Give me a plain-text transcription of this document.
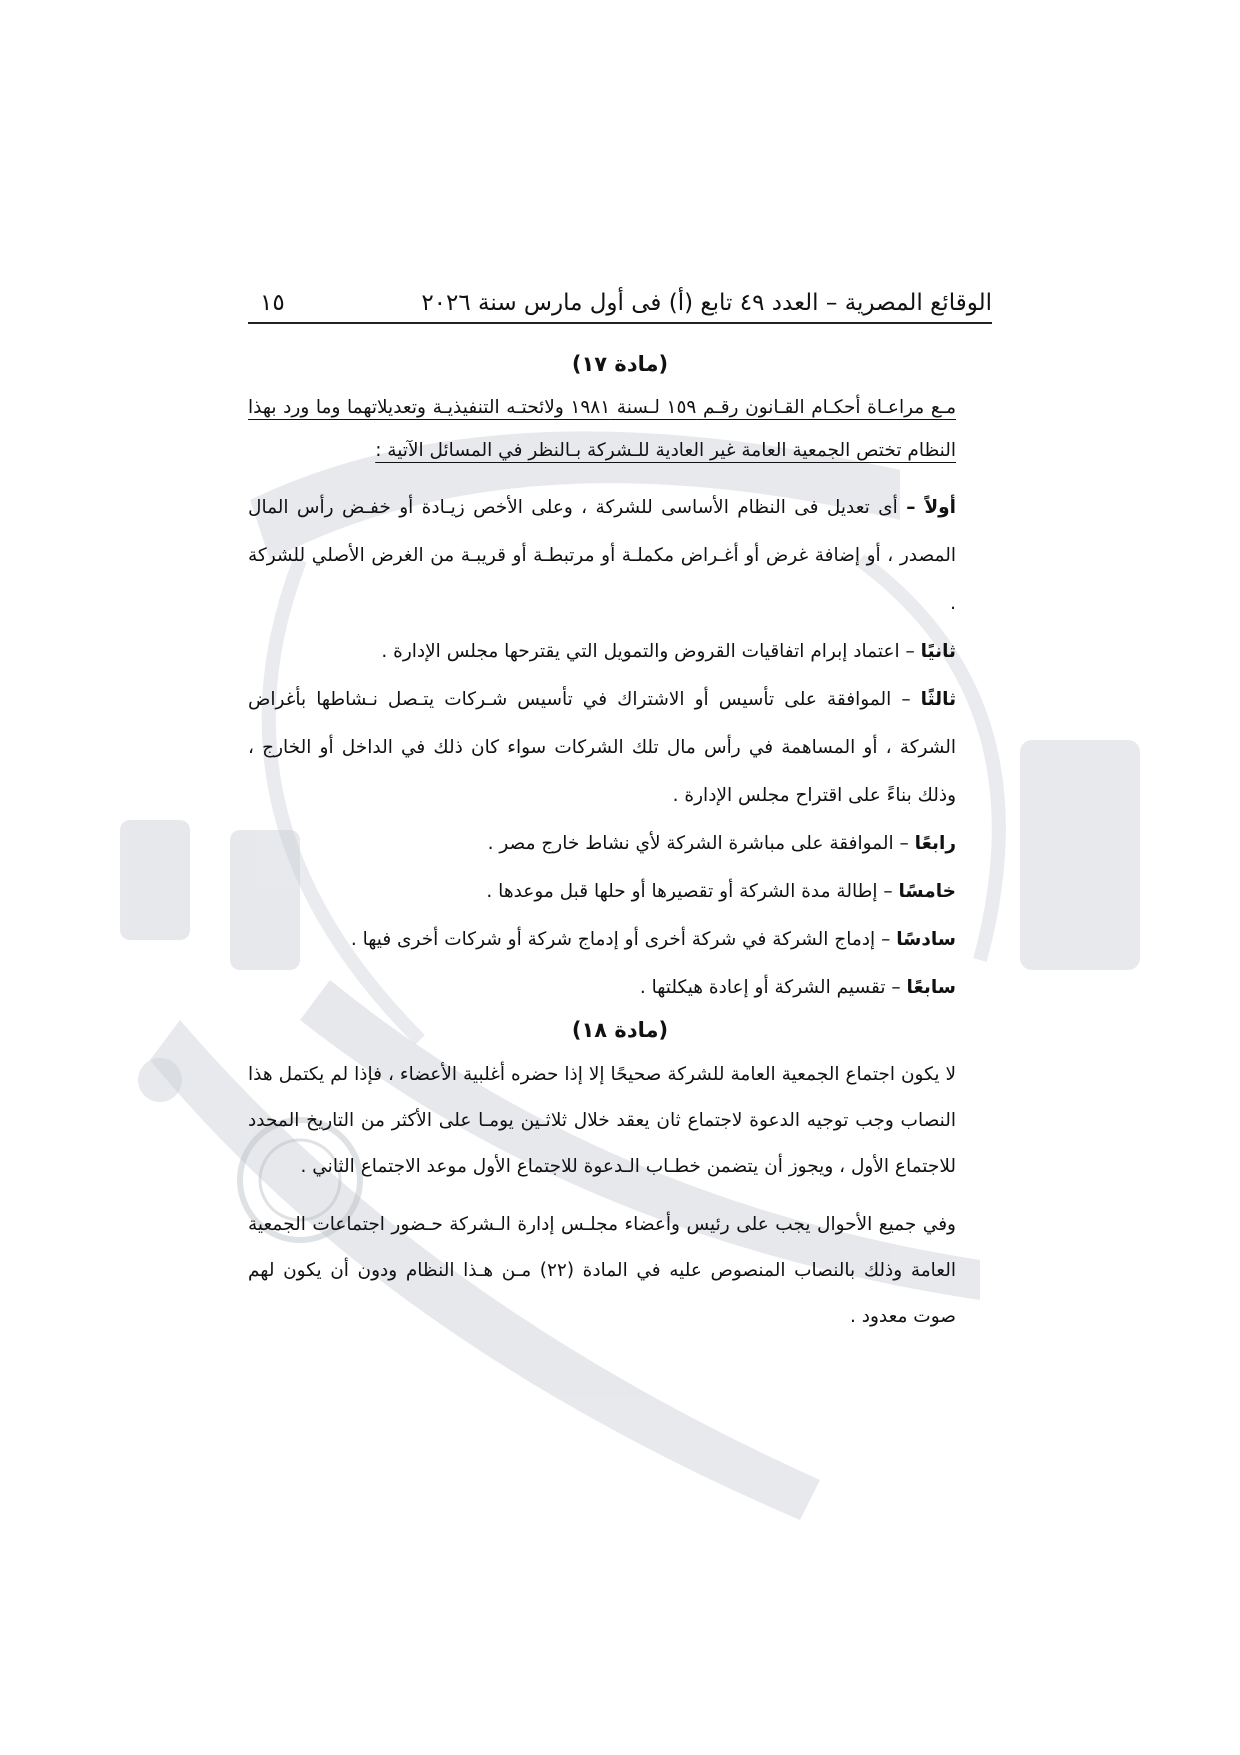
الوقائع المصرية – العدد ٤٩ تابع (أ) فى أول مارس سنة ٢٠٢٦
١٥
(مادة ١٧)

مـع مراعـاة أحكـام القـانون رقـم ١٥٩ لـسنة ١٩٨١ ولائحتـه التنفيذيـة وتعديلاتهما وما ورد بهذا النظام تختص الجمعية العامة غير العادية للـشركة بـالنظر في المسائل الآتية :

أولاً – أى تعديل فى النظام الأساسى للشركة ، وعلى الأخص زيـادة أو خفـض رأس المال المصدر ، أو إضافة غرض أو أغـراض مكملـة أو مرتبطـة أو قريبـة من الغرض الأصلي للشركة .

ثانيًا – اعتماد إبرام اتفاقيات القروض والتمويل التي يقترحها مجلس الإدارة .

ثالثًا – الموافقة على تأسيس أو الاشتراك في تأسيس شـركات يتـصل نـشاطها بأغراض الشركة ، أو المساهمة في رأس مال تلك الشركات سواء كان ذلك في الداخل أو الخارج ، وذلك بناءً على اقتراح مجلس الإدارة .

رابعًا – الموافقة على مباشرة الشركة لأي نشاط خارج مصر .

خامسًا – إطالة مدة الشركة أو تقصيرها أو حلها قبل موعدها .

سادسًا – إدماج الشركة في شركة أخرى أو إدماج شركة أو شركات أخرى فيها .

سابعًا – تقسيم الشركة أو إعادة هيكلتها .

(مادة ١٨)

لا يكون اجتماع الجمعية العامة للشركة صحيحًا إلا إذا حضره أغلبية الأعضاء ، فإذا لم يكتمل هذا النصاب وجب توجيه الدعوة لاجتماع ثان يعقد خلال ثلاثـين يومـا على الأكثر من التاريخ المحدد للاجتماع الأول ، ويجوز أن يتضمن خطـاب الـدعوة للاجتماع الأول موعد الاجتماع الثاني .

وفي جميع الأحوال يجب على رئيس وأعضاء مجلـس إدارة الـشركة حـضور اجتماعات الجمعية العامة وذلك بالنصاب المنصوص عليه في المادة (٢٢) مـن هـذا النظام ودون أن يكون لهم صوت معدود .
